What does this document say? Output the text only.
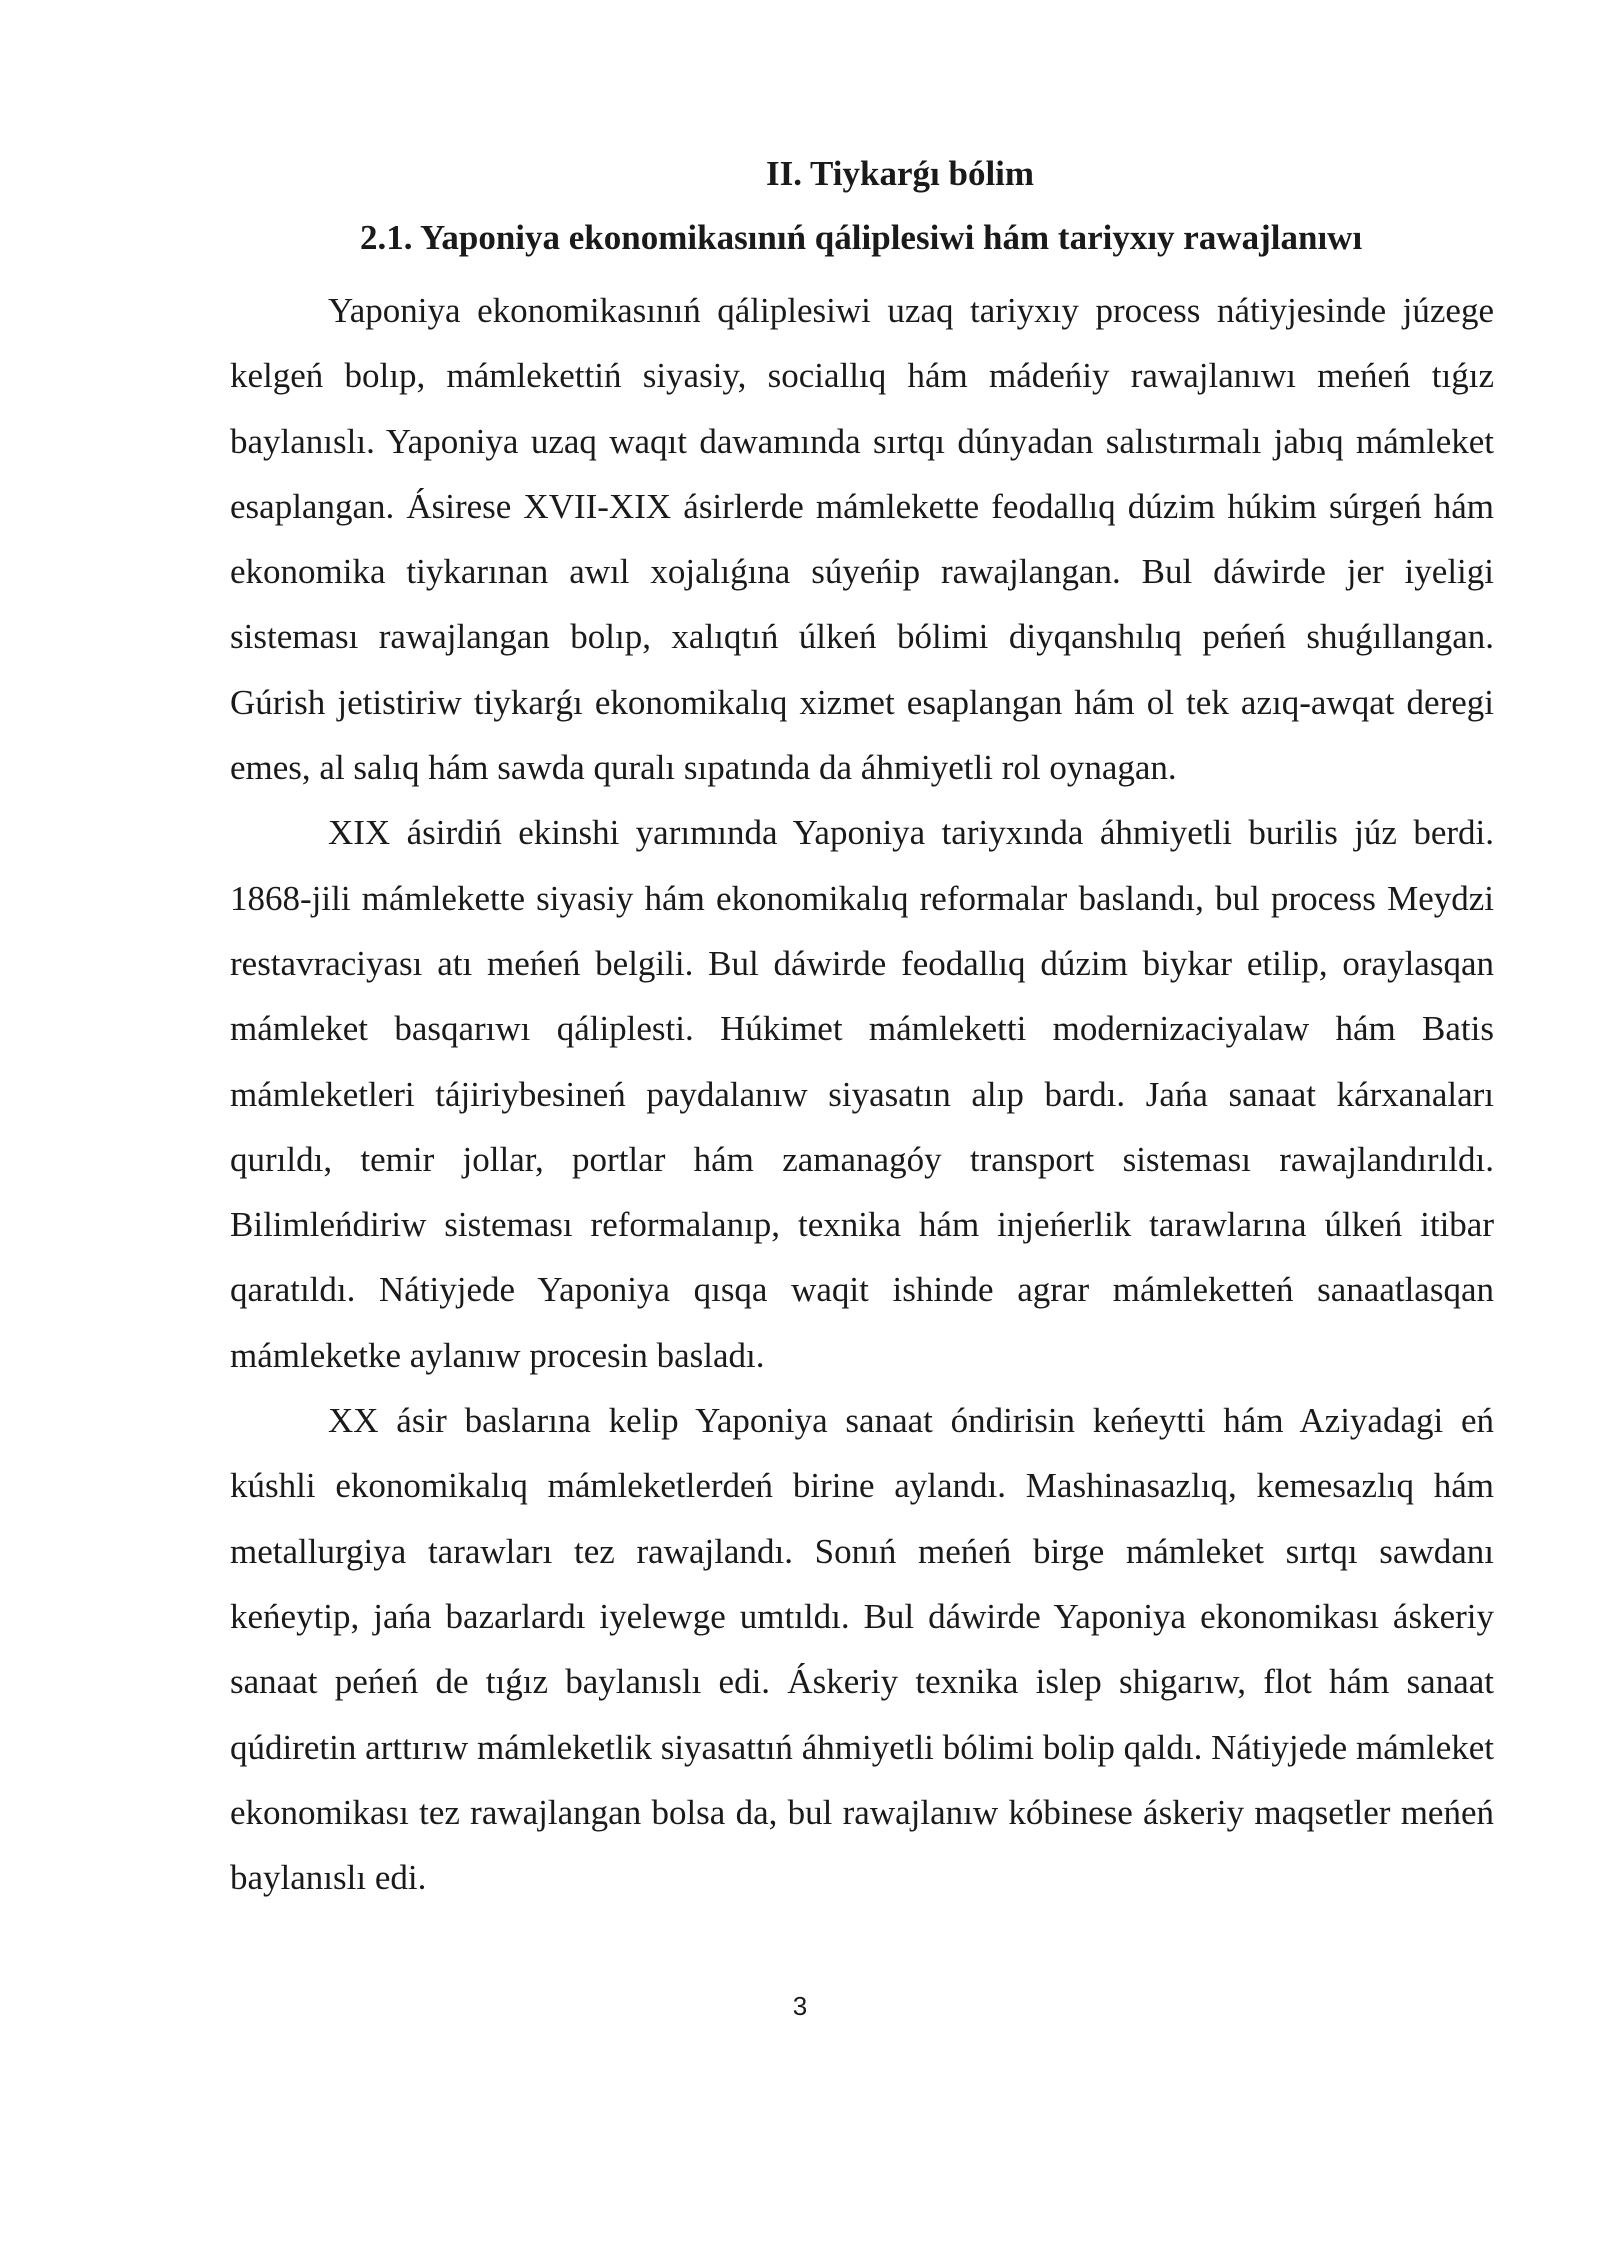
II. Tiykarǵı bólim
2.1. Yaponiya ekonomikasınıń qáliplesiwi hám tariyxıy rawajlanıwı

Yaponiya ekonomikasınıń qáliplesiwi uzaq tariyxıy process nátiyjesinde júzege kelgeń bolıp, mámlekettiń siyasiy, sociallıq hám mádeńiy rawajlanıwı meńeń tıǵız baylanıslı. Yaponiya uzaq waqıt dawamında sırtqı dúnyadan salıstırmalı jabıq mámleket esaplangan. Ásirese XVII-XIX ásirlerde mámlekette feodallıq dúzim húkim súrgeń hám ekonomika tiykarınan awıl xojalıǵına súyeńip rawajlangan. Bul dáwirde jer iyeligi sisteması rawajlangan bolıp, xalıqtıń úlkeń bólimi diyqanshılıq peńeń shuǵıllangan. Gúrish jetistiriw tiykarǵı ekonomikalıq xizmet esaplangan hám ol tek azıq-awqat deregi emes, al salıq hám sawda quralı sıpatında da áhmiyetli rol oynagan.

XIX ásirdiń ekinshi yarımında Yaponiya tariyxında áhmiyetli burilis júz berdi. 1868-jili mámlekette siyasiy hám ekonomikalıq reformalar baslandı, bul process Meydzi restavraciyası atı meńeń belgili. Bul dáwirde feodallıq dúzim biykar etilip, oraylasqan mámleket basqarıwı qáliplesti. Húkimet mámleketti modernizaciyalaw hám Batis mámleketleri tájiriybesineń paydalanıw siyasatın alıp bardı. Jańa sanaat kárxanaları qurıldı, temir jollar, portlar hám zamanagóy transport sisteması rawajlandırıldı. Bilimleńdiriw sisteması reformalanıp, texnika hám injeńerlik tarawlarına úlkeń itibar qaratıldı. Nátiyjede Yaponiya qısqa waqit ishinde agrar mámleketteń sanaatlasqan mámleketke aylanıw procesin basladı.

XX ásir baslarına kelip Yaponiya sanaat óndirisin keńeytti hám Aziyadagi eń kúshli ekonomikalıq mámleketlerdeń birine aylandı. Mashinasazlıq, kemesazlıq hám metallurgiya tarawları tez rawajlandı. Sonıń meńeń birge mámleket sırtqı sawdanı keńeytip, jańa bazarlardı iyelewge umtıldı. Bul dáwirde Yaponiya ekonomikası áskeriy sanaat peńeń de tıǵız baylanıslı edi. Áskeriy texnika islep shigarıw, flot hám sanaat qúdiretin arttırıw mámleketlik siyasattıń áhmiyetli bólimi bolip qaldı. Nátiyjede mámleket ekonomikası tez rawajlangan bolsa da, bul rawajlanıw kóbinese áskeriy maqsetler meńeń baylanıslı edi.

3
